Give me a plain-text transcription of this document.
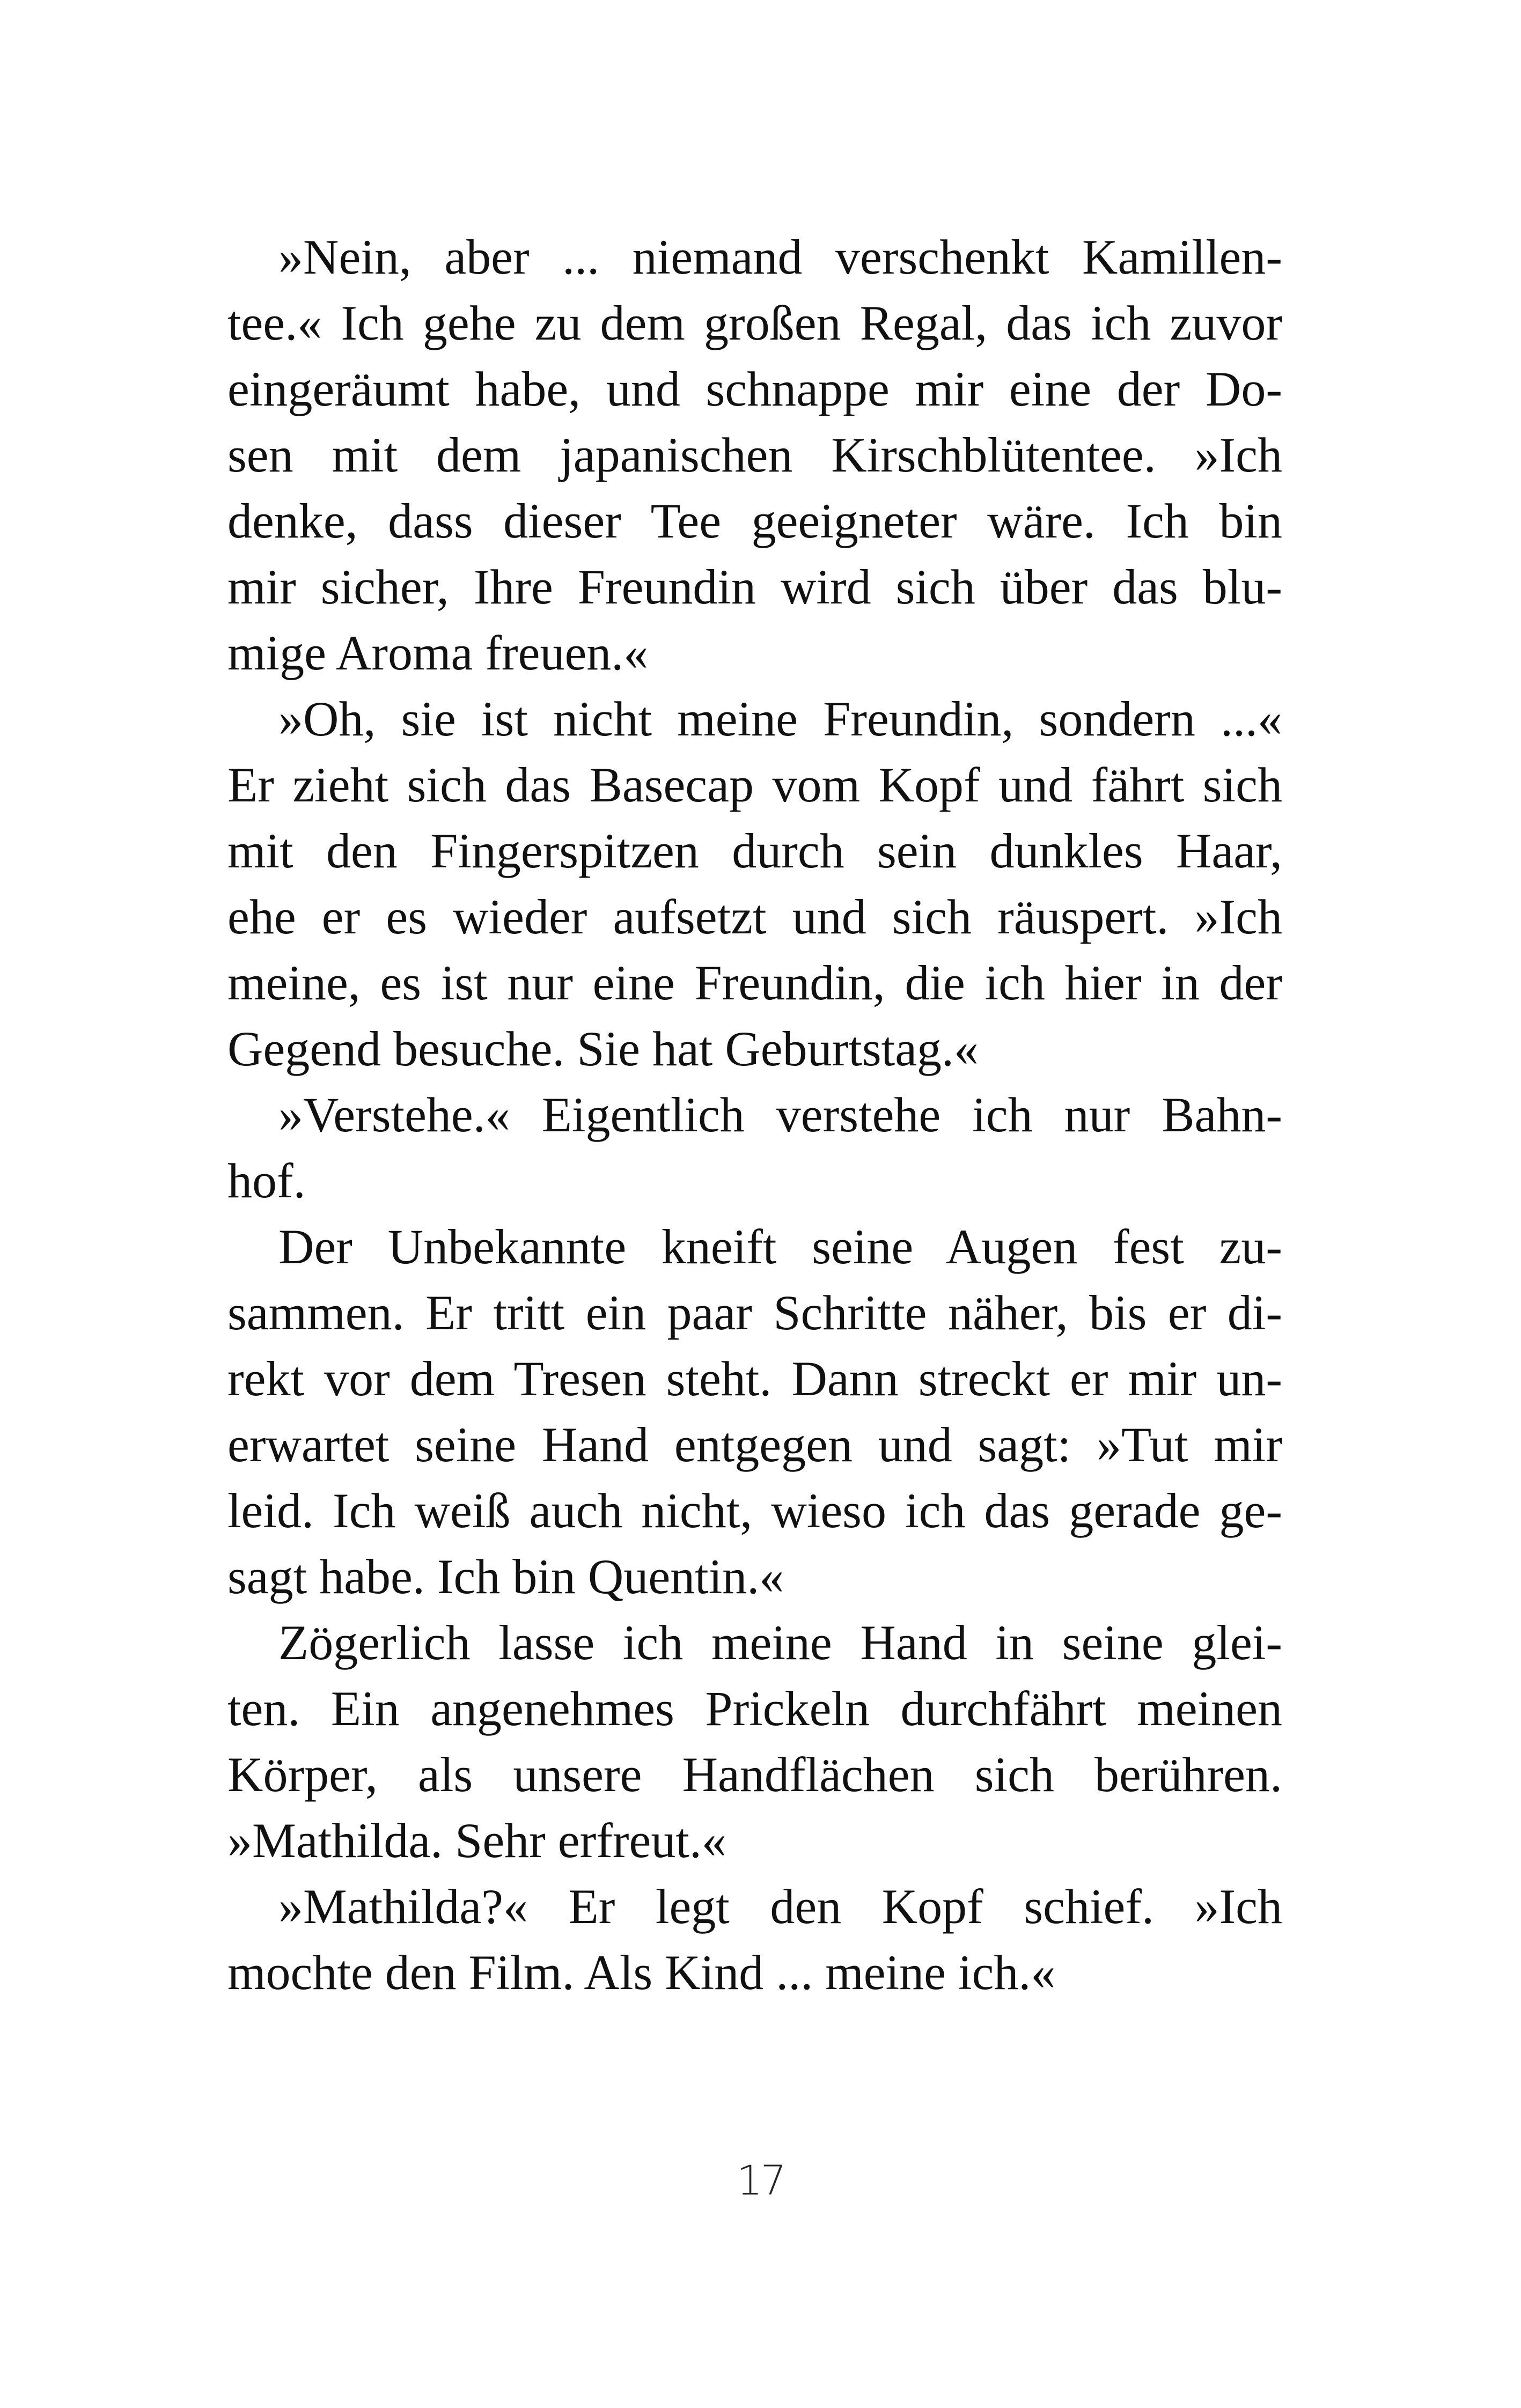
»Nein, aber ... niemand verschenkt Kamillen-
tee.« Ich gehe zu dem großen Regal, das ich zuvor
eingeräumt habe, und schnappe mir eine der Do-
sen mit dem japanischen Kirschblütentee. »Ich
denke, dass dieser Tee geeigneter wäre. Ich bin
mir sicher, Ihre Freundin wird sich über das blu-
mige Aroma freuen.«
»Oh, sie ist nicht meine Freundin, sondern ...«
Er zieht sich das Basecap vom Kopf und fährt sich
mit den Fingerspitzen durch sein dunkles Haar,
ehe er es wieder aufsetzt und sich räuspert. »Ich
meine, es ist nur eine Freundin, die ich hier in der
Gegend besuche. Sie hat Geburtstag.«
»Verstehe.« Eigentlich verstehe ich nur Bahn-
hof.
Der Unbekannte kneift seine Augen fest zu-
sammen. Er tritt ein paar Schritte näher, bis er di-
rekt vor dem Tresen steht. Dann streckt er mir un-
erwartet seine Hand entgegen und sagt: »Tut mir
leid. Ich weiß auch nicht, wieso ich das gerade ge-
sagt habe. Ich bin Quentin.«
Zögerlich lasse ich meine Hand in seine glei-
ten. Ein angenehmes Prickeln durchfährt meinen
Körper, als unsere Handflächen sich berühren.
»Mathilda. Sehr erfreut.«
»Mathilda?« Er legt den Kopf schief. »Ich
mochte den Film. Als Kind ... meine ich.«
17
